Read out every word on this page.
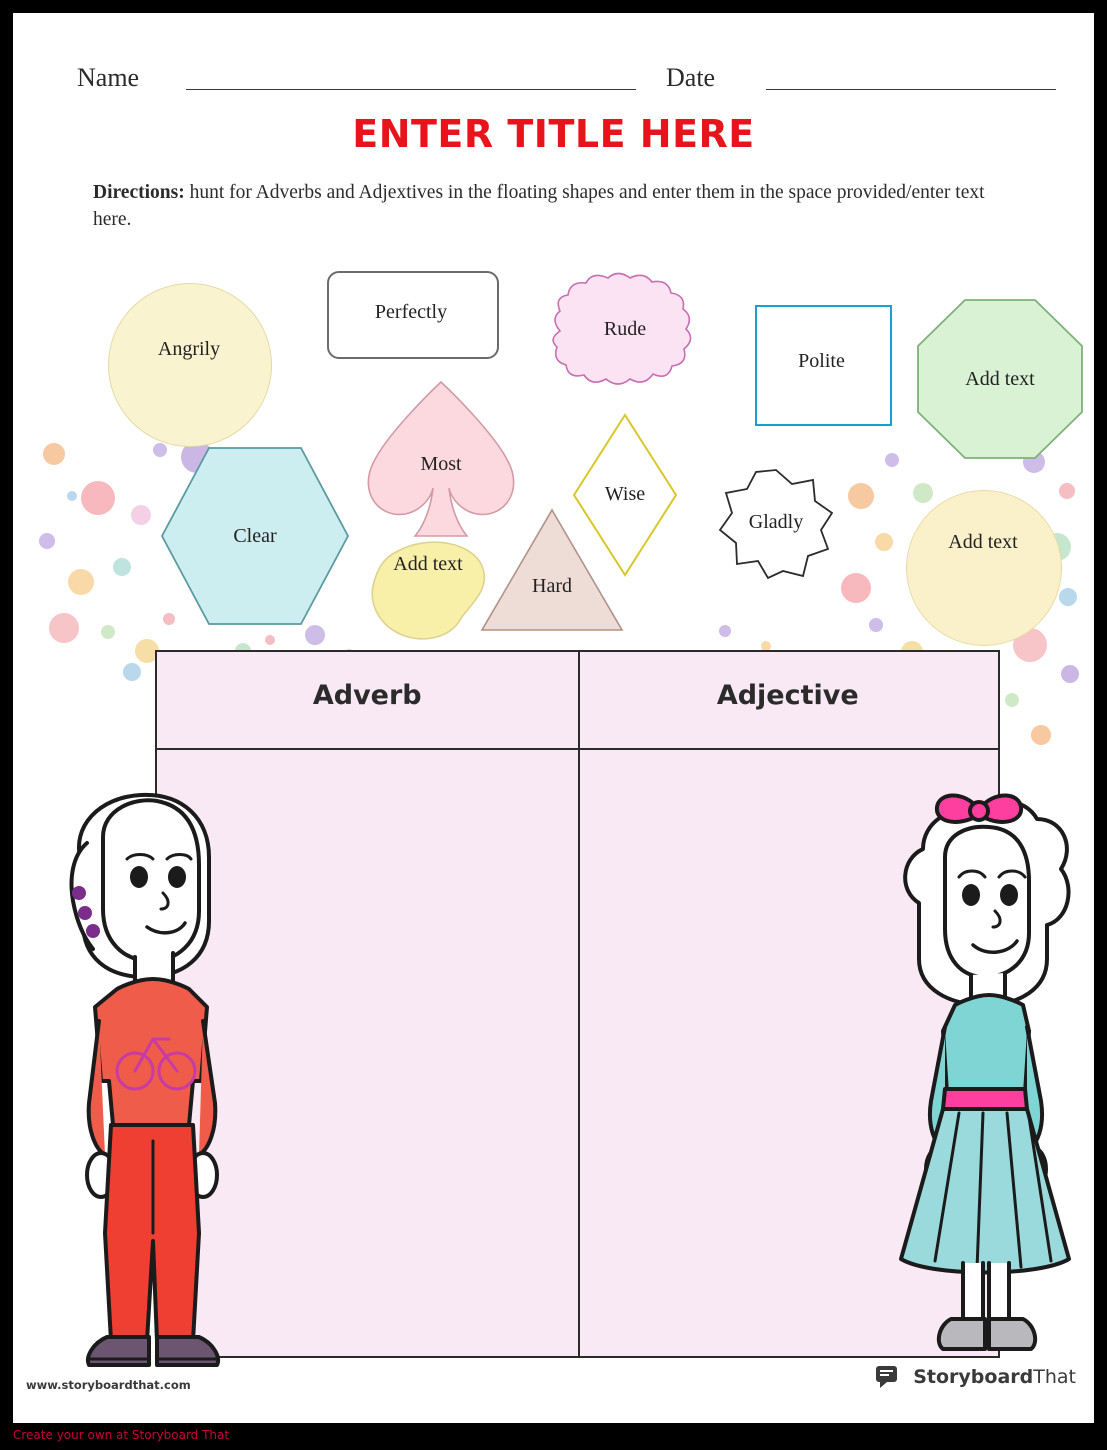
Name	Date
ENTER TITLE HERE
Directions: hunt for Adverbs and Adjextives in the floating shapes and enter them in the space provided/enter text here.
Angrily
Perfectly
Rude
Polite
Add text
Clear
Most
Wise
Gladly
Add text
Hard
Add text
Adverb	Adjective
www.storyboardthat.com	StoryboardThat
Create your own at Storyboard That
